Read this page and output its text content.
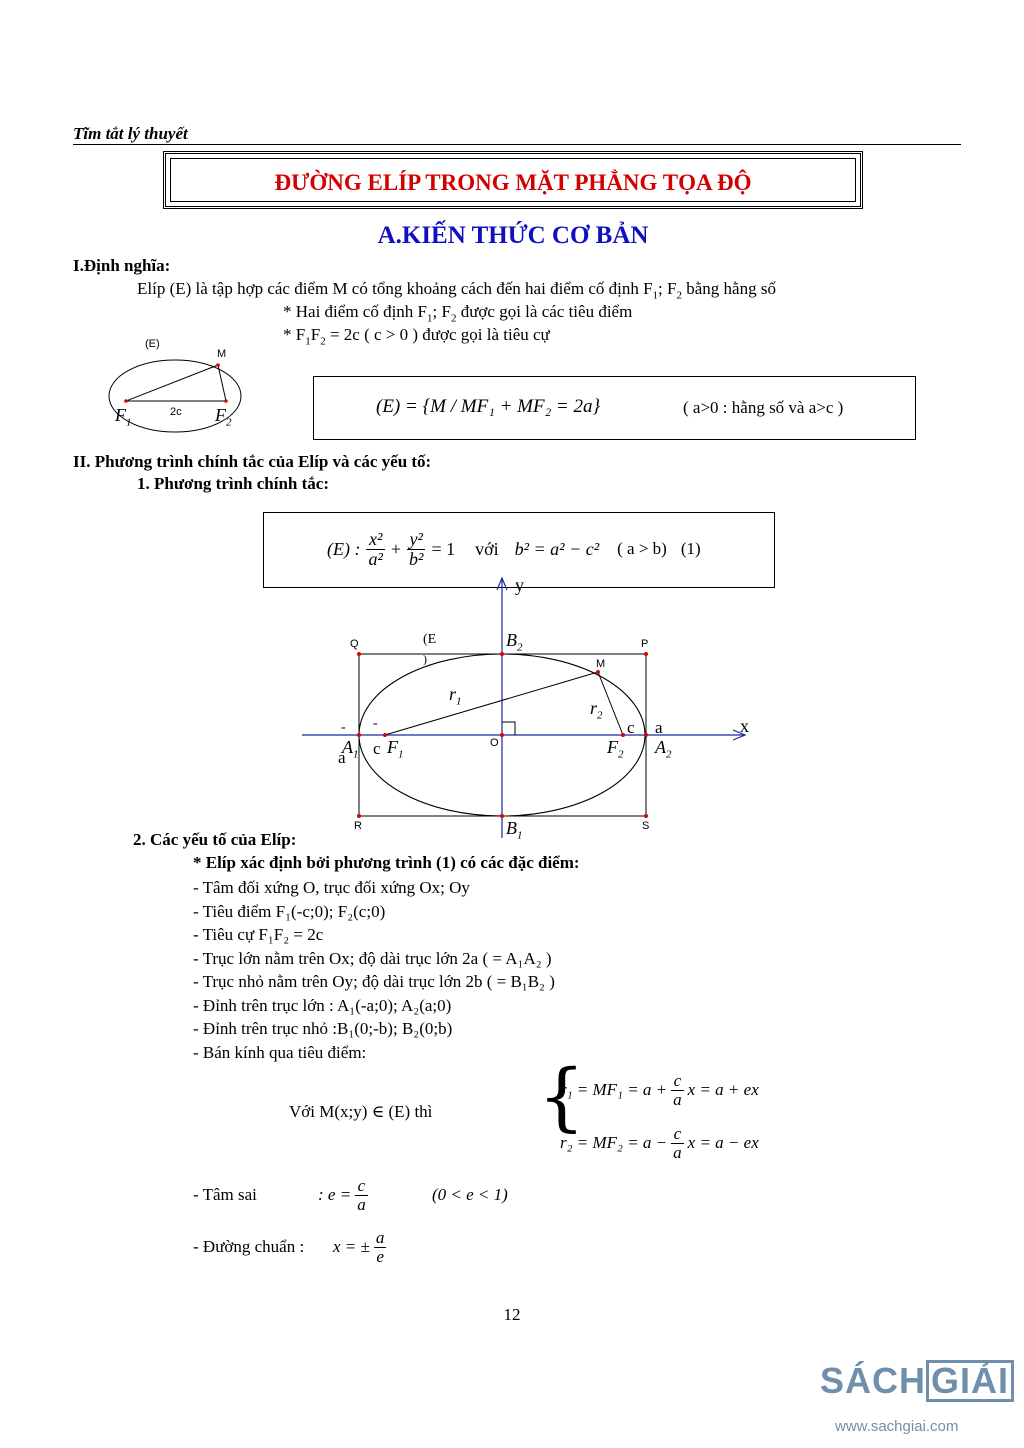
Tĩm tắt lý thuyết
ĐƯỜNG ELÍP TRONG MẶT PHẲNG TỌA ĐỘ
A.KIẾN THỨC CƠ BẢN
I.Định nghĩa:
Elíp (E) là tập hợp các điểm M có tổng khoảng cách đến hai điểm cố định $F_1$; $F_2$ bằng hằng số
* Hai điểm cố định $F_1$; $F_2$ được gọi là các tiêu điểm
* $F_1F_2 = 2c$ ( c > 0 ) được gọi là tiêu cự
(E)
M
2c
$F_1$	$F_2$
(E) = {M / MF₁ + MF₂ = 2a}	( a>0 : hằng số và a>c )
II. Phương trình chính tắc của Elíp và các yếu tố:
1. Phương trình chính tắc:
(E) : $\frac{\text{x²}}{\text{a²}} + \frac{\text{y²}}{\text{b²}} = 1$ với b² = a² − c² ( a > b) (1)
y
x
Q	P
R	S
(E
)
$B_2$
$B_1$
M
$r_1$	$r_2$
c a
- -
$A_1$	$A_2$
a c $F_1$	$F_2$
O
2. Các yếu tố của Elíp:
* Elíp xác định bởi phương trình (1) có các đặc điểm:
- Tâm đối xứng O, trục đối xứng Ox; Oy
- Tiêu điểm F₁(-c;0); F₂(c;0)
- Tiêu cự F₁F₂ = 2c
- Trục lớn nằm trên Ox; độ dài trục lớn 2a ( = A₁A₂ )
- Trục nhỏ nằm trên Oy; độ dài trục lớn 2b ( = B₁B₂ )
- Đỉnh trên trục lớn : A₁(-a;0); A₂(a;0)
- Đỉnh trên trục nhỏ :B₁(0;-b); B₂(0;b)
- Bán kính qua tiêu điểm:
Với M(x;y) ∈ (E) thì {
$r_1 = MF_1 = a + \frac{c}{a}$ x = a + ex
$r_2 = MF_2 = a - \frac{c}{a}$ x = a − ex
- Tâm sai	: $e = \frac{c}{a}$	(0 < e < 1)
- Đường chuẩn : x = ± $\frac{a}{e}$
12
SÁCH GIẢI
www.sachgiai.com
